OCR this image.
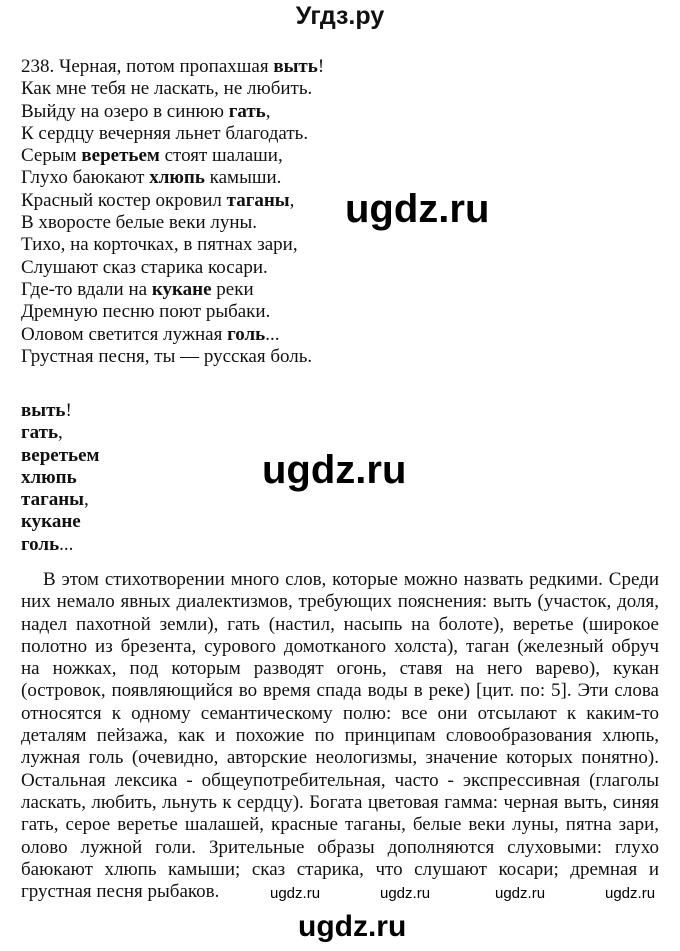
Угдз.ру
238. Черная, потом пропахшая выть!
Как мне тебя не ласкать, не любить.
Выйду на озеро в синюю гать,
К сердцу вечерняя льнет благодать.
Серым веретьем стоят шалаши,
Глухо баюкают хлюпь камыши.
Красный костер окровил таганы,
В хворосте белые веки луны.
Тихо, на корточках, в пятнах зари,
Слушают сказ старика косари.
Где-то вдали на кукане реки
Дремную песню поют рыбаки.
Оловом светится лужная голь...
Грустная песня, ты — русская боль.
выть!
гать,
веретьем
хлюпь
таганы,
кукане
голь...
В этом стихотворении много слов, которые можно назвать редкими. Среди
них немало явных диалектизмов, требующих пояснения: выть (участок, доля,
надел пахотной земли), гать (настил, насыпь на болоте), веретье (широкое
полотно из брезента, сурового домотканого холста), таган (железный обруч
на ножках, под которым разводят огонь, ставя на него варево), кукан
(островок, появляющийся во время спада воды в реке) [цит. по: 5]. Эти слова
относятся к одному семантическому полю: все они отсылают к каким-то
деталям пейзажа, как и похожие по принципам словообразования хлюпь,
лужная голь (очевидно, авторские неологизмы, значение которых понятно).
Остальная лексика - общеупотребительная, часто - экспрессивная (глаголы
ласкать, любить, льнуть к сердцу). Богата цветовая гамма: черная выть, синяя
гать, серое веретье шалашей, красные таганы, белые веки луны, пятна зари,
олово лужной голи. Зрительные образы дополняются слуховыми: глухо
баюкают хлюпь камыши; сказ старика, что слушают косари; дремная и
грустная песня рыбаков.
ugdz.ru
ugdz.ru
ugdz.ru	ugdz.ru	ugdz.ru	ugdz.ru
ugdz.ru
